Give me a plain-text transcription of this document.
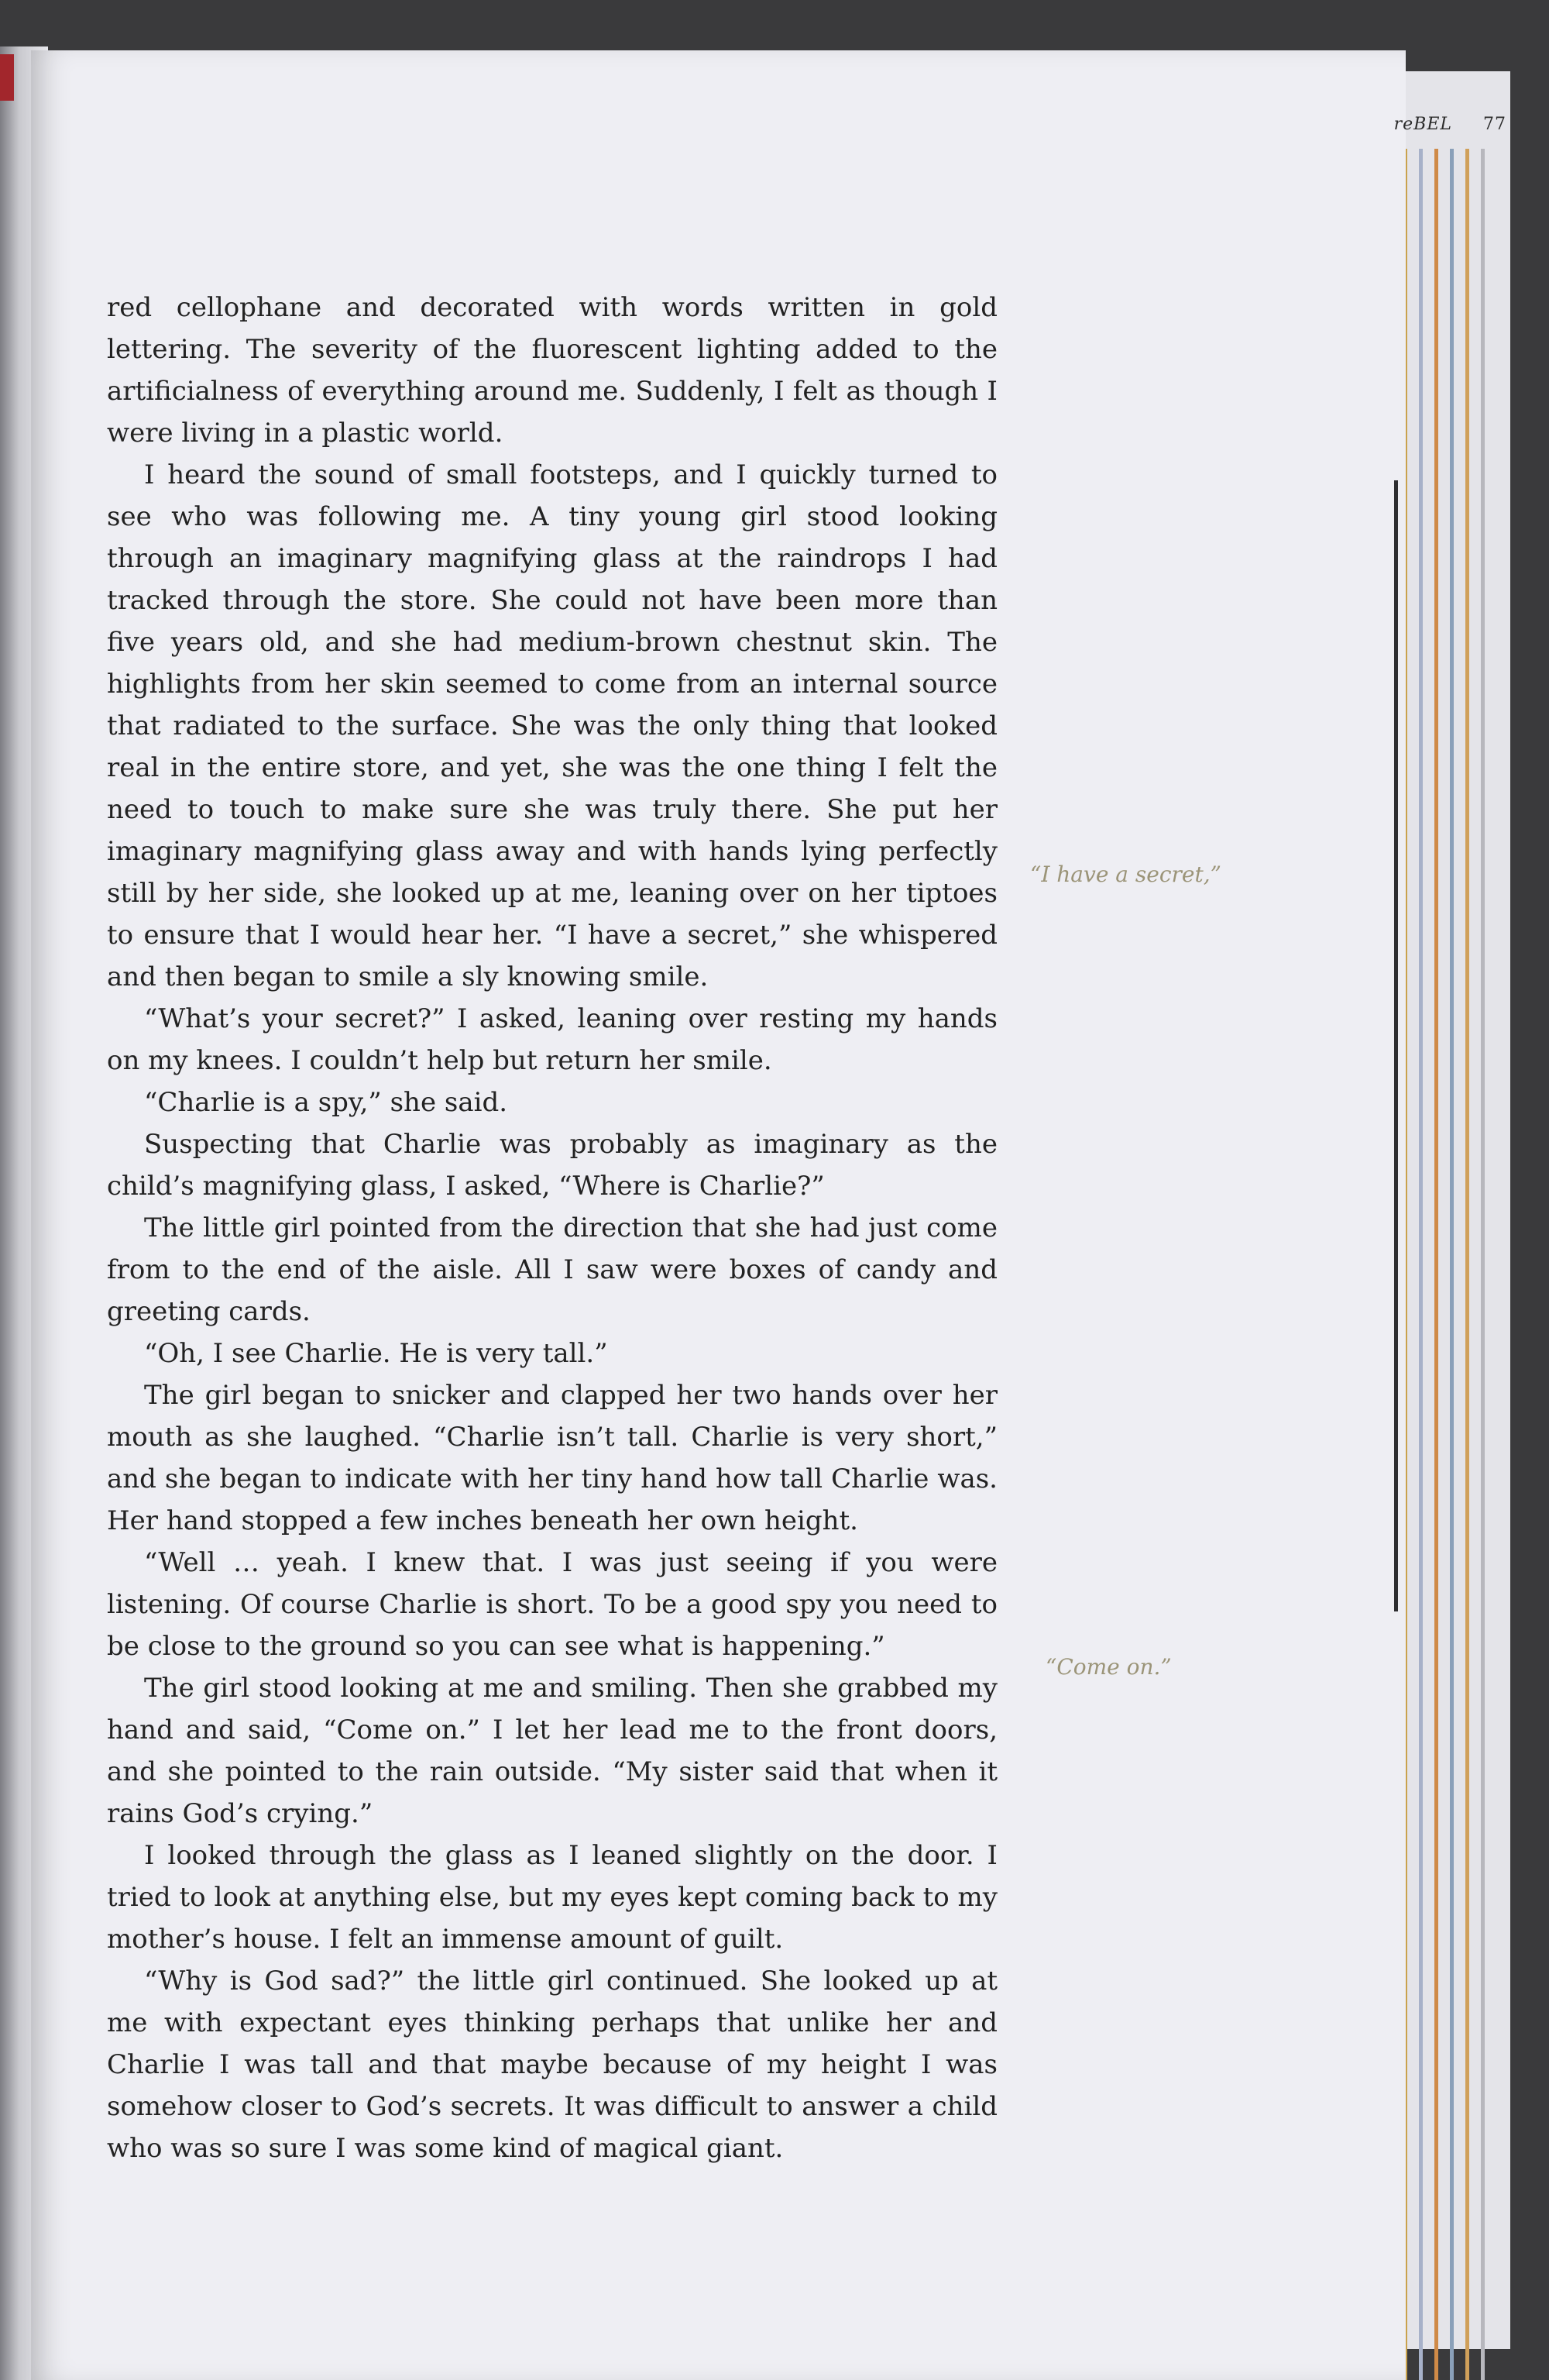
reBEL 77

red cellophane and decorated with words written in gold lettering. The severity of the fluorescent lighting added to the artificialness of everything around me. Suddenly, I felt as though I were living in a plastic world.

I heard the sound of small footsteps, and I quickly turned to see who was following me. A tiny young girl stood looking through an imaginary magnifying glass at the raindrops I had tracked through the store. She could not have been more than five years old, and she had medium-brown chestnut skin. The highlights from her skin seemed to come from an internal source that radiated to the surface. She was the only thing that looked real in the entire store, and yet, she was the one thing I felt the need to touch to make sure she was truly there. She put her imaginary magnifying glass away and with hands lying perfectly still by her side, she looked up at me, leaning over on her tiptoes to ensure that I would hear her. “I have a secret,” she whispered and then began to smile a sly knowing smile.

“What’s your secret?” I asked, leaning over resting my hands on my knees. I couldn’t help but return her smile.

“Charlie is a spy,” she said.

Suspecting that Charlie was probably as imaginary as the child’s magnifying glass, I asked, “Where is Charlie?”

The little girl pointed from the direction that she had just come from to the end of the aisle. All I saw were boxes of candy and greeting cards.

“Oh, I see Charlie. He is very tall.”

The girl began to snicker and clapped her two hands over her mouth as she laughed. “Charlie isn’t tall. Charlie is very short,” and she began to indicate with her tiny hand how tall Charlie was. Her hand stopped a few inches beneath her own height.

“Well … yeah. I knew that. I was just seeing if you were listening. Of course Charlie is short. To be a good spy you need to be close to the ground so you can see what is happening.”

The girl stood looking at me and smiling. Then she grabbed my hand and said, “Come on.” I let her lead me to the front doors, and she pointed to the rain outside. “My sister said that when it rains God’s crying.”

I looked through the glass as I leaned slightly on the door. I tried to look at anything else, but my eyes kept coming back to my mother’s house. I felt an immense amount of guilt.

“Why is God sad?” the little girl continued. She looked up at me with expectant eyes thinking perhaps that unlike her and Charlie I was tall and that maybe because of my height I was somehow closer to God’s secrets. It was difficult to answer a child who was so sure I was some kind of magical giant.

“I have a secret,”
“Come on.”
